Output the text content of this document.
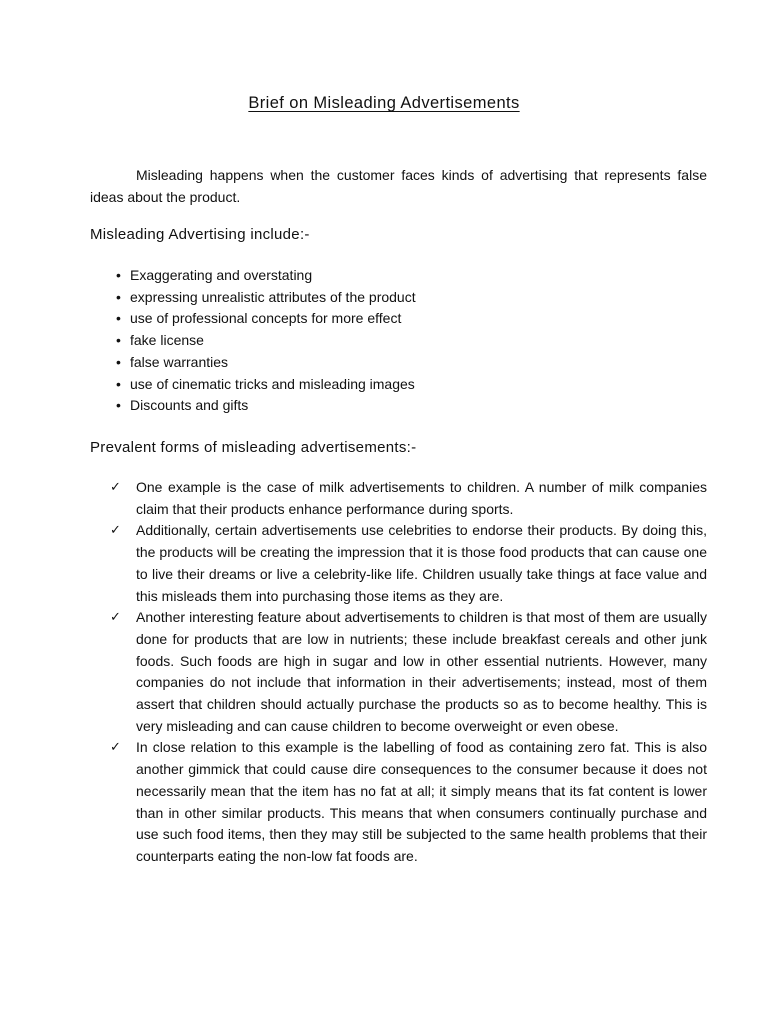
Brief on Misleading Advertisements

Misleading happens when the customer faces kinds of advertising that represents false ideas about the product.

Misleading Advertising include:-
• Exaggerating and overstating
• expressing unrealistic attributes of the product
• use of professional concepts for more effect
• fake license
• false warranties
• use of cinematic tricks and misleading images
• Discounts and gifts
Prevalent forms of misleading advertisements:-
✓ One example is the case of milk advertisements to children. A number of milk companies claim that their products enhance performance during sports.
✓ Additionally, certain advertisements use celebrities to endorse their products. By doing this, the products will be creating the impression that it is those food products that can cause one to live their dreams or live a celebrity-like life. Children usually take things at face value and this misleads them into purchasing those items as they are.
✓ Another interesting feature about advertisements to children is that most of them are usually done for products that are low in nutrients; these include breakfast cereals and other junk foods. Such foods are high in sugar and low in other essential nutrients. However, many companies do not include that information in their advertisements; instead, most of them assert that children should actually purchase the products so as to become healthy. This is very misleading and can cause children to become overweight or even obese.
✓ In close relation to this example is the labelling of food as containing zero fat. This is also another gimmick that could cause dire consequences to the consumer because it does not necessarily mean that the item has no fat at all; it simply means that its fat content is lower than in other similar products. This means that when consumers continually purchase and use such food items, then they may still be subjected to the same health problems that their counterparts eating the non-low fat foods are.
